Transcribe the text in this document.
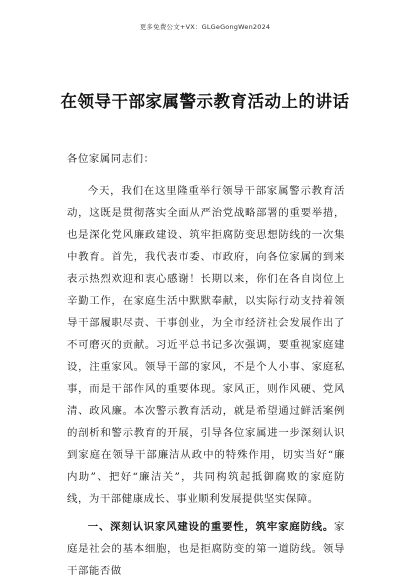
更多免费公文+VX：GLGeGongWen2024
在领导干部家属警示教育活动上的讲话

各位家属同志们：

今天，我们在这里隆重举行领导干部家属警示教育活动，这既是贯彻落实全面从严治党战略部署的重要举措，也是深化党风廉政建设、筑牢拒腐防变思想防线的一次集中教育。首先，我代表市委、市政府，向各位家属的到来表示热烈欢迎和衷心感谢！长期以来，你们在各自岗位上辛勤工作，在家庭生活中默默奉献，以实际行动支持着领导干部履职尽责、干事创业，为全市经济社会发展作出了不可磨灭的贡献。习近平总书记多次强调，要重视家庭建设，注重家风。领导干部的家风，不是个人小事、家庭私事，而是干部作风的重要体现。家风正，则作风硬、党风清、政风廉。本次警示教育活动，就是希望通过鲜活案例的剖析和警示教育的开展，引导各位家属进一步深刻认识到家庭在领导干部廉洁从政中的特殊作用，切实当好“廉内助”、把好“廉洁关”，共同构筑起抵御腐败的家庭防线，为干部健康成长、事业顺利发展提供坚实保障。

一、深刻认识家风建设的重要性，筑牢家庭防线。家庭是社会的基本细胞，也是拒腐防变的第一道防线。领导干部能否做
